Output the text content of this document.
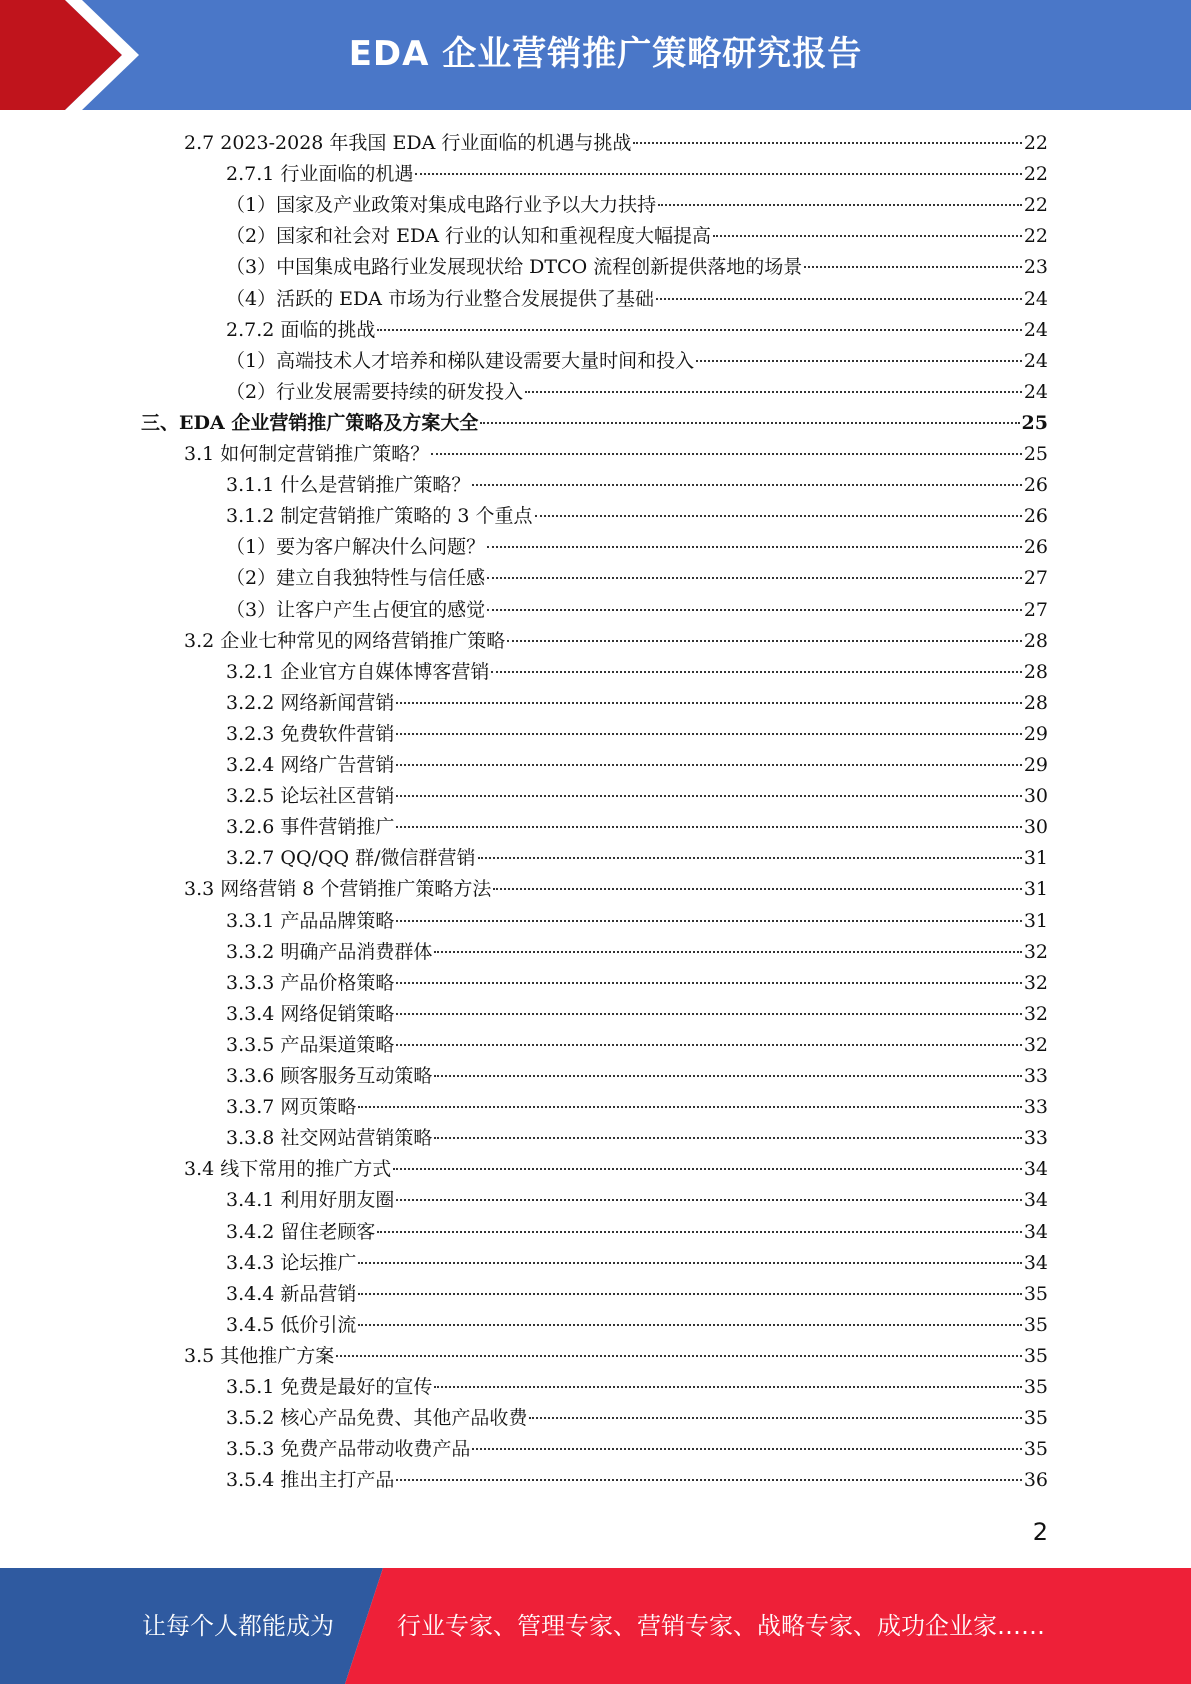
EDA 企业营销推广策略研究报告
2.7 2023-2028 年我国 EDA 行业面临的机遇与挑战	22
2.7.1 行业面临的机遇	22
（1）国家及产业政策对集成电路行业予以大力扶持	22
（2）国家和社会对 EDA 行业的认知和重视程度大幅提高	22
（3）中国集成电路行业发展现状给 DTCO 流程创新提供落地的场景	23
（4）活跃的 EDA 市场为行业整合发展提供了基础	24
2.7.2 面临的挑战	24
（1）高端技术人才培养和梯队建设需要大量时间和投入	24
（2）行业发展需要持续的研发投入	24
三、EDA 企业营销推广策略及方案大全	25
3.1 如何制定营销推广策略？	25
3.1.1 什么是营销推广策略？	26
3.1.2 制定营销推广策略的 3 个重点	26
（1）要为客户解决什么问题？	26
（2）建立自我独特性与信任感	27
（3）让客户产生占便宜的感觉	27
3.2 企业七种常见的网络营销推广策略	28
3.2.1 企业官方自媒体博客营销	28
3.2.2 网络新闻营销	28
3.2.3 免费软件营销	29
3.2.4 网络广告营销	29
3.2.5 论坛社区营销	30
3.2.6 事件营销推广	30
3.2.7 QQ/QQ 群/微信群营销	31
3.3 网络营销 8 个营销推广策略方法	31
3.3.1 产品品牌策略	31
3.3.2 明确产品消费群体	32
3.3.3 产品价格策略	32
3.3.4 网络促销策略	32
3.3.5 产品渠道策略	32
3.3.6 顾客服务互动策略	33
3.3.7 网页策略	33
3.3.8 社交网站营销策略	33
3.4 线下常用的推广方式	34
3.4.1 利用好朋友圈	34
3.4.2 留住老顾客	34
3.4.3 论坛推广	34
3.4.4 新品营销	35
3.4.5 低价引流	35
3.5 其他推广方案	35
3.5.1 免费是最好的宣传	35
3.5.2 核心产品免费、其他产品收费	35
3.5.3 免费产品带动收费产品	35
3.5.4 推出主打产品	36
2
让每个人都能成为	行业专家、管理专家、营销专家、战略专家、成功企业家……
